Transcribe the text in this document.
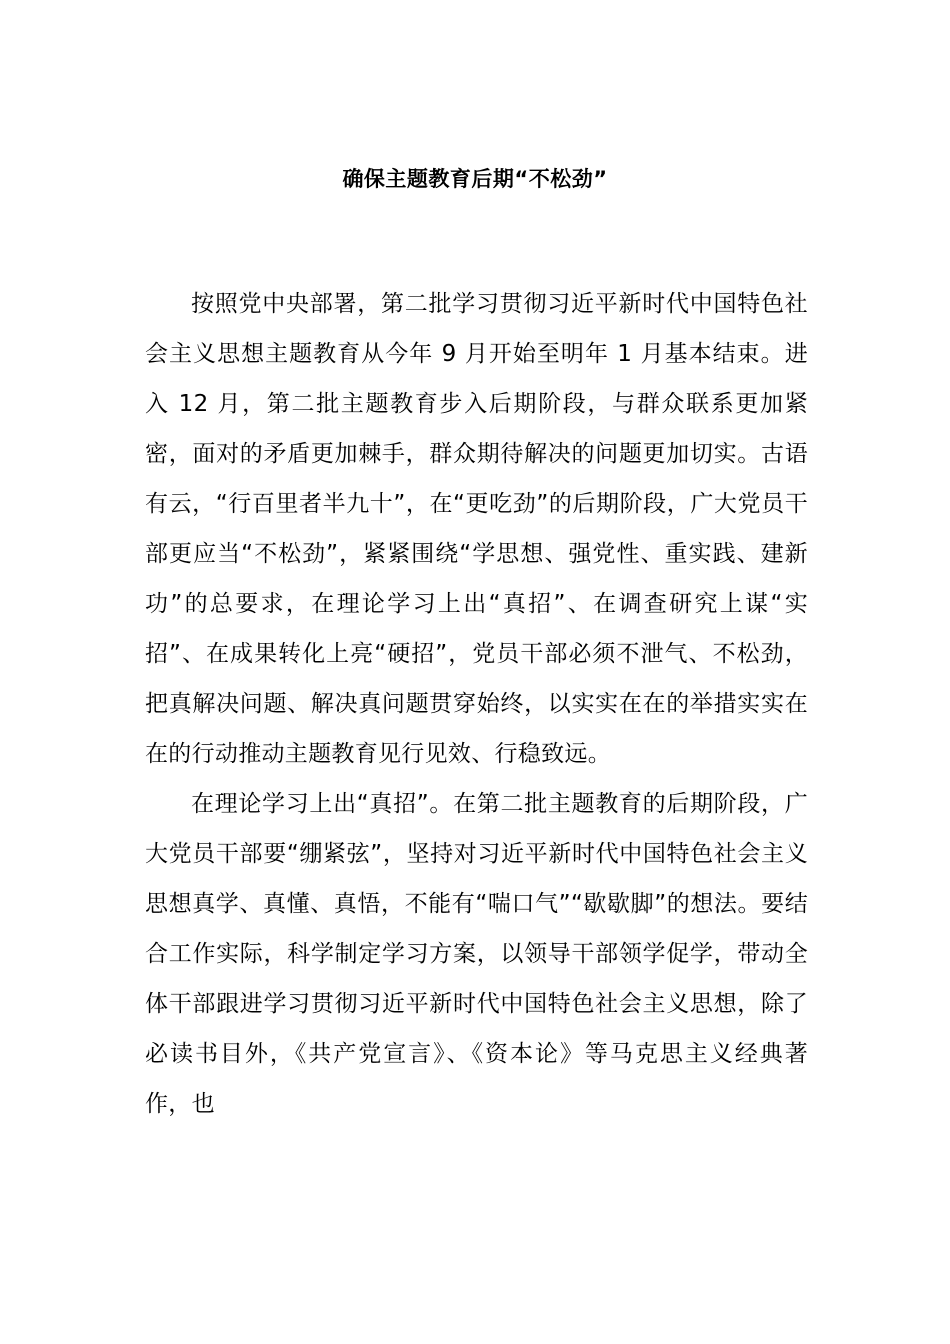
确保主题教育后期“不松劲”

按照党中央部署，第二批学习贯彻习近平新时代中国特色社会主义思想主题教育从今年 9 月开始至明年 1 月基本结束。进入 12 月，第二批主题教育步入后期阶段，与群众联系更加紧密，面对的矛盾更加棘手，群众期待解决的问题更加切实。古语有云，“行百里者半九十”，在“更吃劲”的后期阶段，广大党员干部更应当“不松劲”，紧紧围绕“学思想、强党性、重实践、建新功”的总要求，在理论学习上出“真招”、在调查研究上谋“实招”、在成果转化上亮“硬招”，党员干部必须不泄气、不松劲，把真解决问题、解决真问题贯穿始终，以实实在在的举措实实在在的行动推动主题教育见行见效、行稳致远。

在理论学习上出“真招”。在第二批主题教育的后期阶段，广大党员干部要“绷紧弦”，坚持对习近平新时代中国特色社会主义思想真学、真懂、真悟，不能有“喘口气”“歇歇脚”的想法。要结合工作实际，科学制定学习方案，以领导干部领学促学，带动全体干部跟进学习贯彻习近平新时代中国特色社会主义思想，除了必读书目外，《共产党宣言》、《资本论》等马克思主义经典著作，也
